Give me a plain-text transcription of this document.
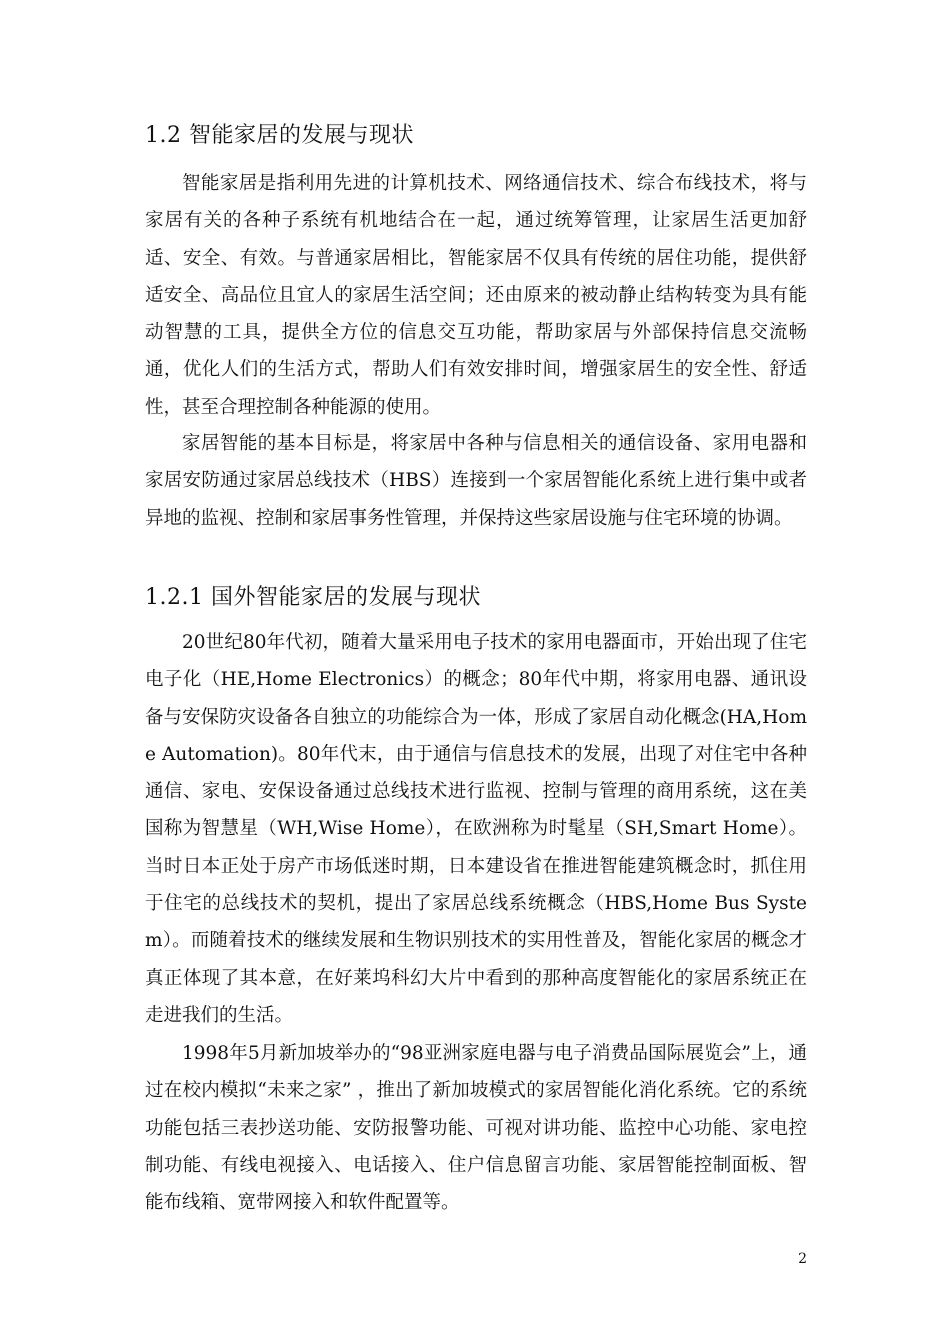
1.2 智能家居的发展与现状

智能家居是指利用先进的计算机技术、网络通信技术、综合布线技术，将与家居有关的各种子系统有机地结合在一起，通过统筹管理，让家居生活更加舒适、安全、有效。与普通家居相比，智能家居不仅具有传统的居住功能，提供舒适安全、高品位且宜人的家居生活空间；还由原来的被动静止结构转变为具有能动智慧的工具，提供全方位的信息交互功能，帮助家居与外部保持信息交流畅通，优化人们的生活方式，帮助人们有效安排时间，增强家居生的安全性、舒适性，甚至合理控制各种能源的使用。

家居智能的基本目标是，将家居中各种与信息相关的通信设备、家用电器和家居安防通过家居总线技术（HBS）连接到一个家居智能化系统上进行集中或者异地的监视、控制和家居事务性管理，并保持这些家居设施与住宅环境的协调。

1.2.1 国外智能家居的发展与现状

20世纪80年代初，随着大量采用电子技术的家用电器面市，开始出现了住宅电子化（HE,Home Electronics）的概念；80年代中期，将家用电器、通讯设备与安保防灾设备各自独立的功能综合为一体，形成了家居自动化概念(HA,Home Automation)。80年代末，由于通信与信息技术的发展，出现了对住宅中各种通信、家电、安保设备通过总线技术进行监视、控制与管理的商用系统，这在美国称为智慧星（WH,Wise Home），在欧洲称为时髦星（SH,Smart Home）。当时日本正处于房产市场低迷时期，日本建设省在推进智能建筑概念时，抓住用于住宅的总线技术的契机，提出了家居总线系统概念（HBS,Home Bus System）。而随着技术的继续发展和生物识别技术的实用性普及，智能化家居的概念才真正体现了其本意，在好莱坞科幻大片中看到的那种高度智能化的家居系统正在走进我们的生活。

1998年5月新加坡举办的“98亚洲家庭电器与电子消费品国际展览会”上，通过在校内模拟“未来之家” ，推出了新加坡模式的家居智能化消化系统。它的系统功能包括三表抄送功能、安防报警功能、可视对讲功能、监控中心功能、家电控制功能、有线电视接入、电话接入、住户信息留言功能、家居智能控制面板、智能布线箱、宽带网接入和软件配置等。

2
